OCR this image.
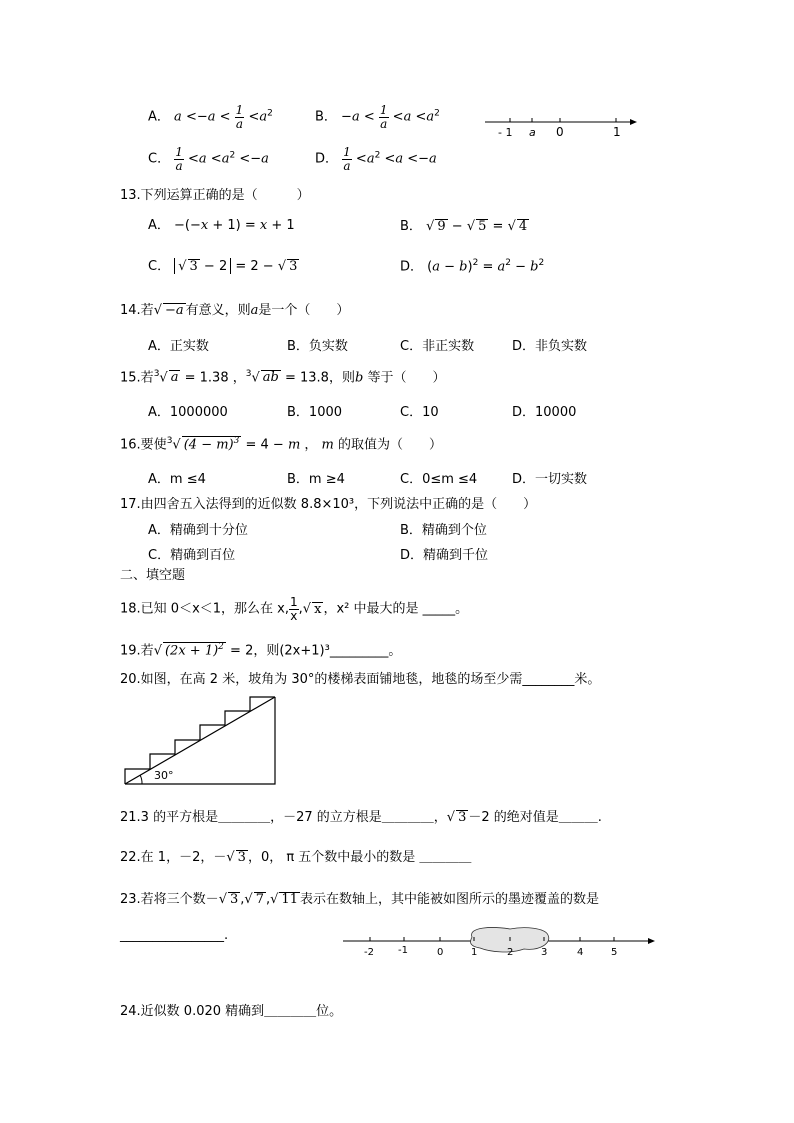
A． $a <-a < \frac{1}{a} <a^2$	B． $-a < \frac{1}{a} <a <a^2$
C． $\frac{1}{a} <a <a^2 <-a$	D． $\frac{1}{a} <a^2 <a <-a$
- 1 a 0	1
13.下列运算正确的是（　　　）
A． −(−x + 1) = x + 1	B． √ 9 − √ 5 = √ 4
C． √ 3 − 2 = 2 − √ 3	D． $(a - b)^2 = a^2 - b^2$
14.若√ −a 有意义，则a是一个（　　）
A．正实数	B．负实数	C．非正实数	D．非负实数
15.若$^3$√ a = 1.38 ，$^3$√ ab = 13.8，则b 等于（　　）
A．1000000	B．1000	C．10	D．10000
16.要使$^3$√ $(4 - m)^3 = 4 - m$ ， m 的取值为（　　）
A．m ≤4	B．m ≥4	C．0≤m ≤4	D．一切实数
17.由四舍五入法得到的近似数 8.8×10³，下列说法中正确的是（　　）
A．精确到十分位	B．精确到个位
C．精确到百位	D．精确到千位
二、填空题
18.已知 0＜x＜1，那么在 x, $\frac{1}{x}$ ,√ x ，x² 中最大的是 _____。
19.若√ $(2x + 1)^2 = 2$，则(2x+1)³_________。
20.如图，在高 2 米，坡角为 30°的楼梯表面铺地毯，地毯的场至少需________米。
30°
21.3 的平方根是＿＿＿＿，－27 的立方根是＿＿＿＿，√ 3 －2 的绝对值是＿＿＿.
22.在 1，－2，－√ 3 ，0， π 五个数中最小的数是 ＿＿＿＿
23.若将三个数－√ 3 ,√ 7 ,√ 11 表示在数轴上，其中能被如图所示的墨迹覆盖的数是
________________.
-2 -1	0	1	2	3	4	5
24.近似数 0.020 精确到＿＿＿＿位。
